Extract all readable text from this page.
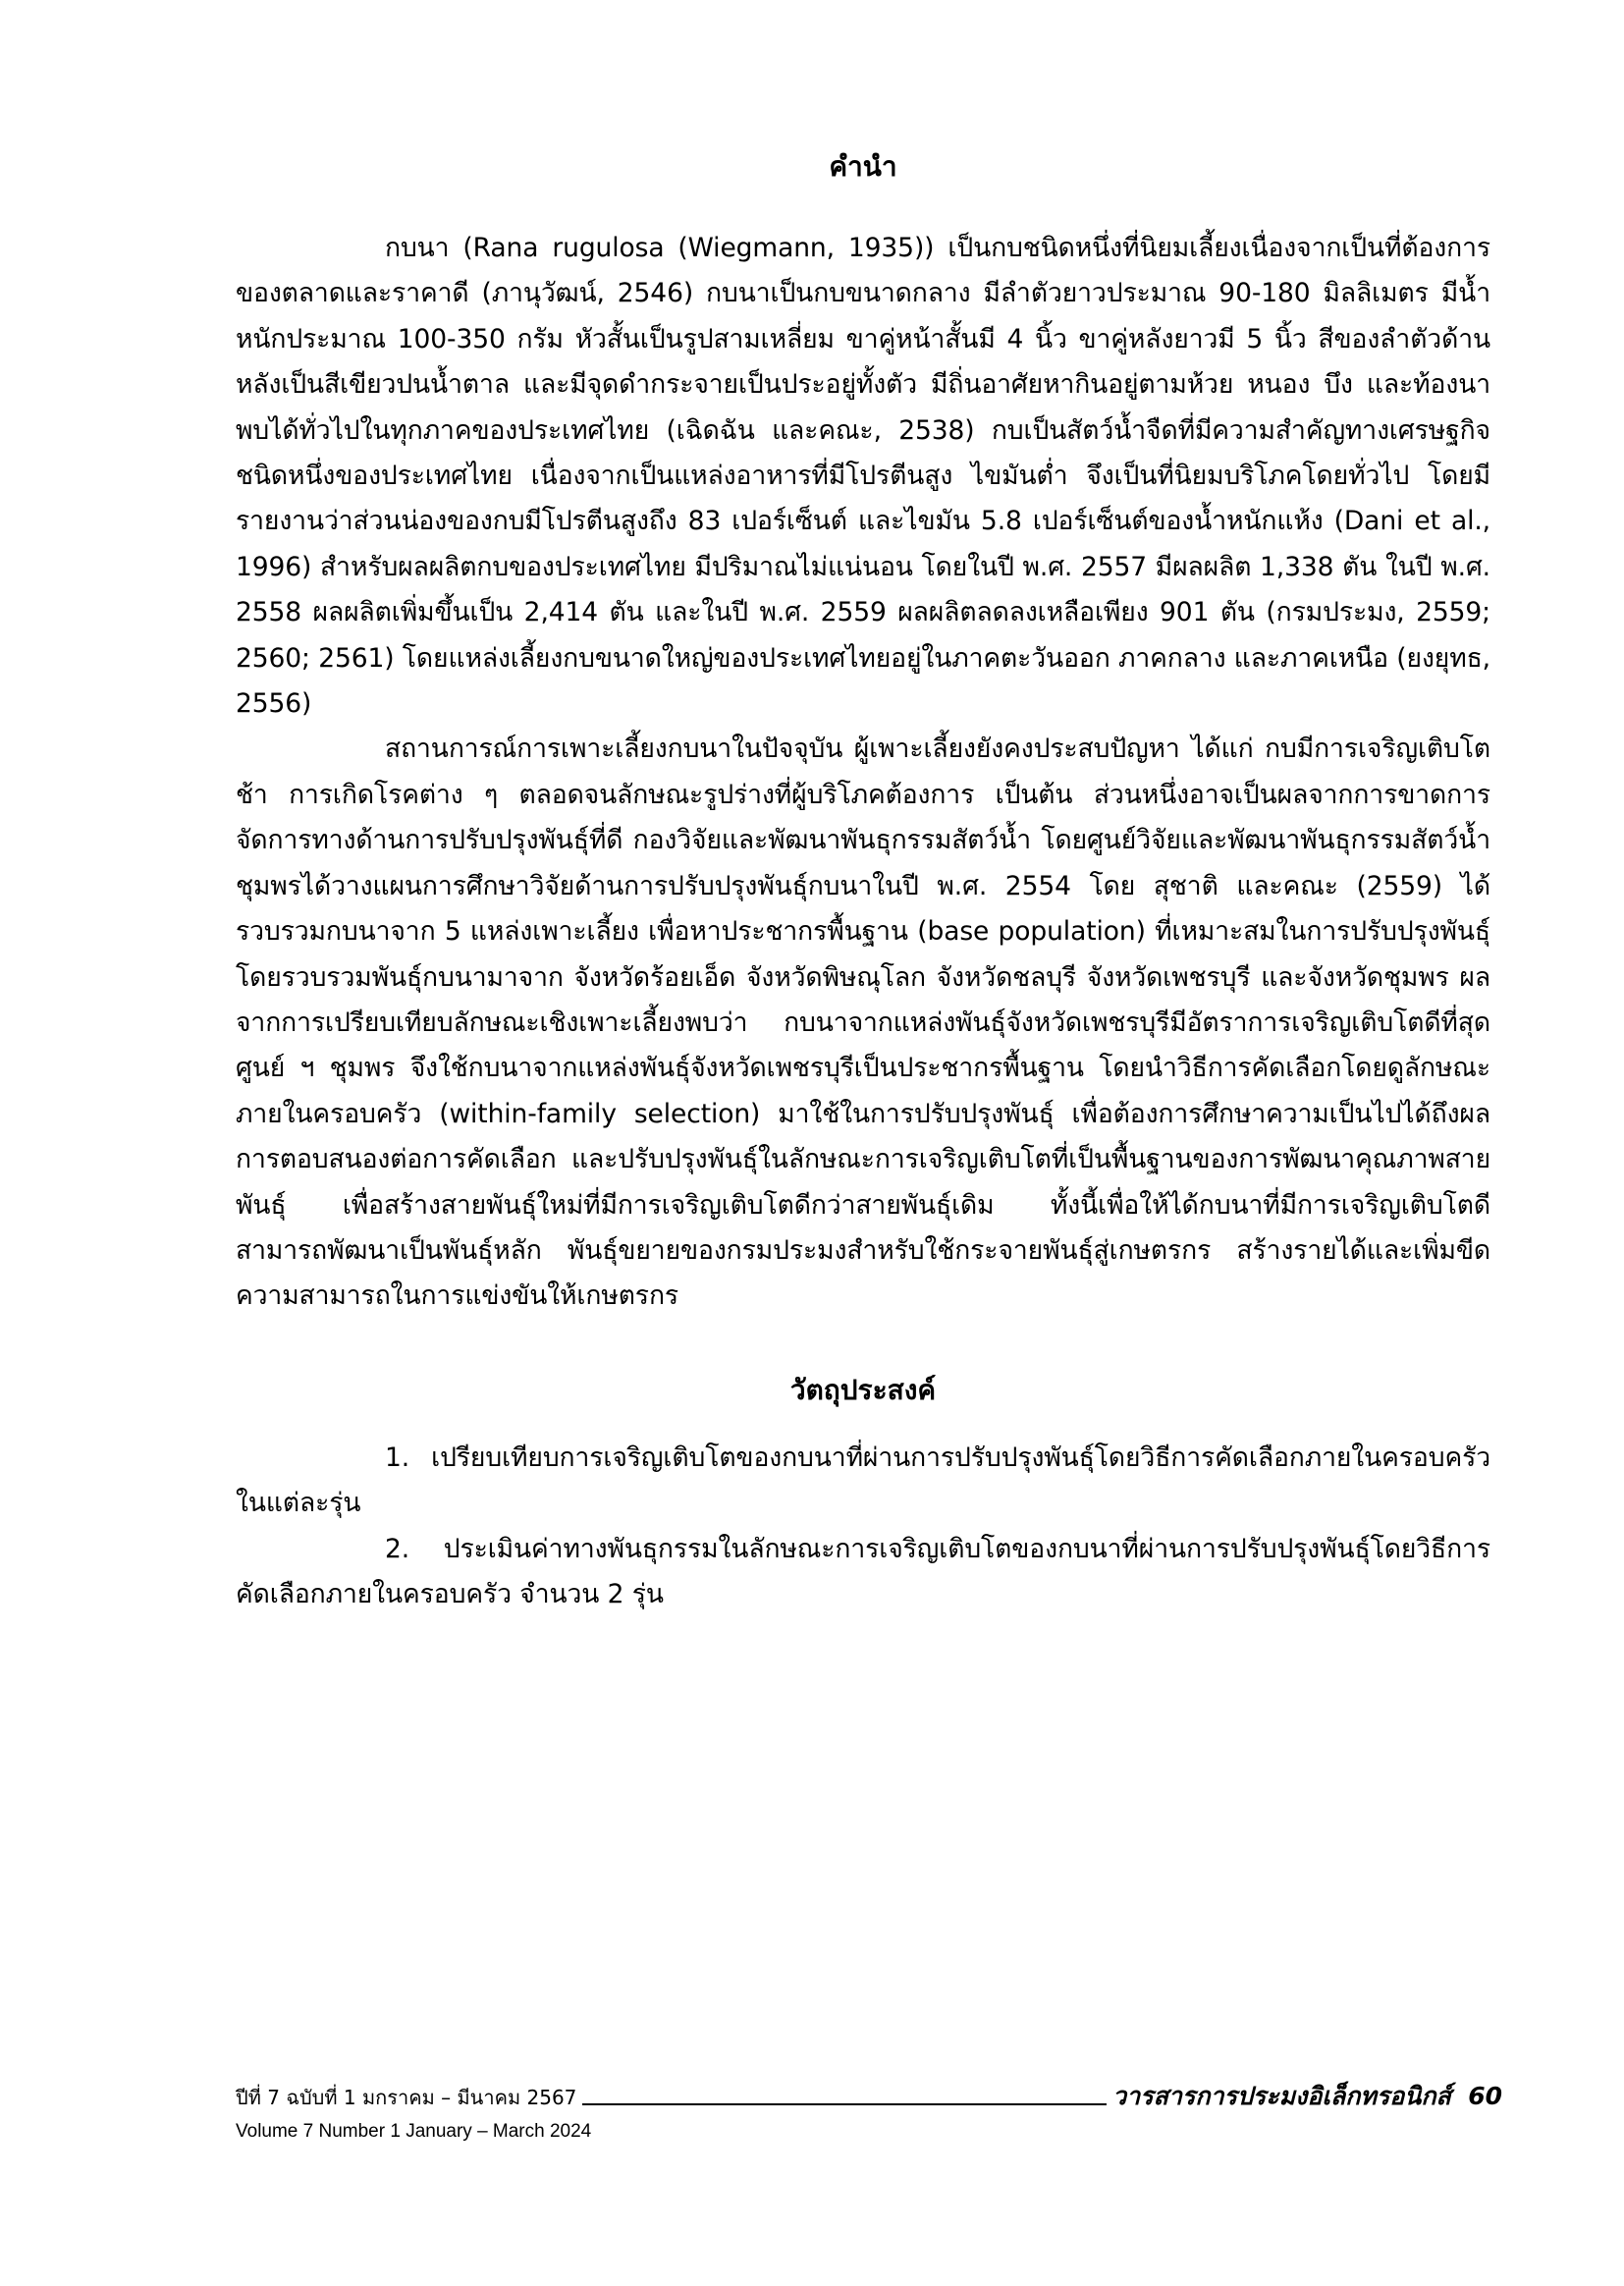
คำนำ

กบนา (Rana rugulosa (Wiegmann, 1935)) เป็นกบชนิดหนึ่งที่นิยมเลี้ยงเนื่องจากเป็นที่ต้องการของตลาดและราคาดี (ภานุวัฒน์, 2546) กบนาเป็นกบขนาดกลาง มีลำตัวยาวประมาณ 90-180 มิลลิเมตร มีน้ำหนักประมาณ 100-350 กรัม หัวสั้นเป็นรูปสามเหลี่ยม ขาคู่หน้าสั้นมี 4 นิ้ว ขาคู่หลังยาวมี 5 นิ้ว สีของลำตัวด้านหลังเป็นสีเขียวปนน้ำตาล และมีจุดดำกระจายเป็นประอยู่ทั้งตัว มีถิ่นอาศัยหากินอยู่ตามห้วย หนอง บึง และท้องนา พบได้ทั่วไปในทุกภาคของประเทศไทย (เฉิดฉัน และคณะ, 2538) กบเป็นสัตว์น้ำจืดที่มีความสำคัญทางเศรษฐกิจชนิดหนึ่งของประเทศไทย เนื่องจากเป็นแหล่งอาหารที่มีโปรตีนสูง ไขมันต่ำ จึงเป็นที่นิยมบริโภคโดยทั่วไป โดยมีรายงานว่าส่วนน่องของกบมีโปรตีนสูงถึง 83 เปอร์เซ็นต์ และไขมัน 5.8 เปอร์เซ็นต์ของน้ำหนักแห้ง (Dani et al., 1996) สำหรับผลผลิตกบของประเทศไทย มีปริมาณไม่แน่นอน โดยในปี พ.ศ. 2557 มีผลผลิต 1,338 ตัน ในปี พ.ศ. 2558 ผลผลิตเพิ่มขึ้นเป็น 2,414 ตัน และในปี พ.ศ. 2559 ผลผลิตลดลงเหลือเพียง 901 ตัน (กรมประมง, 2559; 2560; 2561) โดยแหล่งเลี้ยงกบขนาดใหญ่ของประเทศไทยอยู่ในภาคตะวันออก ภาคกลาง และภาคเหนือ (ยงยุทธ, 2556)

สถานการณ์การเพาะเลี้ยงกบนาในปัจจุบัน ผู้เพาะเลี้ยงยังคงประสบปัญหา ได้แก่ กบมีการเจริญเติบโตช้า การเกิดโรคต่าง ๆ ตลอดจนลักษณะรูปร่างที่ผู้บริโภคต้องการ เป็นต้น ส่วนหนึ่งอาจเป็นผลจากการขาดการจัดการทางด้านการปรับปรุงพันธุ์ที่ดี กองวิจัยและพัฒนาพันธุกรรมสัตว์น้ำ โดยศูนย์วิจัยและพัฒนาพันธุกรรมสัตว์น้ำชุมพรได้วางแผนการศึกษาวิจัยด้านการปรับปรุงพันธุ์กบนาในปี พ.ศ. 2554 โดย สุชาติ และคณะ (2559) ได้รวบรวมกบนาจาก 5 แหล่งเพาะเลี้ยง เพื่อหาประชากรพื้นฐาน (base population) ที่เหมาะสมในการปรับปรุงพันธุ์ โดยรวบรวมพันธุ์กบนามาจาก จังหวัดร้อยเอ็ด จังหวัดพิษณุโลก จังหวัดชลบุรี จังหวัดเพชรบุรี และจังหวัดชุมพร ผลจากการเปรียบเทียบลักษณะเชิงเพาะเลี้ยงพบว่า กบนาจากแหล่งพันธุ์จังหวัดเพชรบุรีมีอัตราการเจริญเติบโตดีที่สุด ศูนย์ ฯ ชุมพร จึงใช้กบนาจากแหล่งพันธุ์จังหวัดเพชรบุรีเป็นประชากรพื้นฐาน โดยนำวิธีการคัดเลือกโดยดูลักษณะภายในครอบครัว (within-family selection) มาใช้ในการปรับปรุงพันธุ์ เพื่อต้องการศึกษาความเป็นไปได้ถึงผลการตอบสนองต่อการคัดเลือก และปรับปรุงพันธุ์ในลักษณะการเจริญเติบโตที่เป็นพื้นฐานของการพัฒนาคุณภาพสายพันธุ์ เพื่อสร้างสายพันธุ์ใหม่ที่มีการเจริญเติบโตดีกว่าสายพันธุ์เดิม ทั้งนี้เพื่อให้ได้กบนาที่มีการเจริญเติบโตดี สามารถพัฒนาเป็นพันธุ์หลัก พันธุ์ขยายของกรมประมงสำหรับใช้กระจายพันธุ์สู่เกษตรกร สร้างรายได้และเพิ่มขีดความสามารถในการแข่งขันให้เกษตรกร

วัตถุประสงค์

1. เปรียบเทียบการเจริญเติบโตของกบนาที่ผ่านการปรับปรุงพันธุ์โดยวิธีการคัดเลือกภายในครอบครัวในแต่ละรุ่น

2. ประเมินค่าทางพันธุกรรมในลักษณะการเจริญเติบโตของกบนาที่ผ่านการปรับปรุงพันธุ์โดยวิธีการคัดเลือกภายในครอบครัว จำนวน 2 รุ่น

ปีที่ 7 ฉบับที่ 1 มกราคม – มีนาคม 2567	วารสารการประมงอิเล็กทรอนิกส์ 60
Volume 7 Number 1 January – March 2024
